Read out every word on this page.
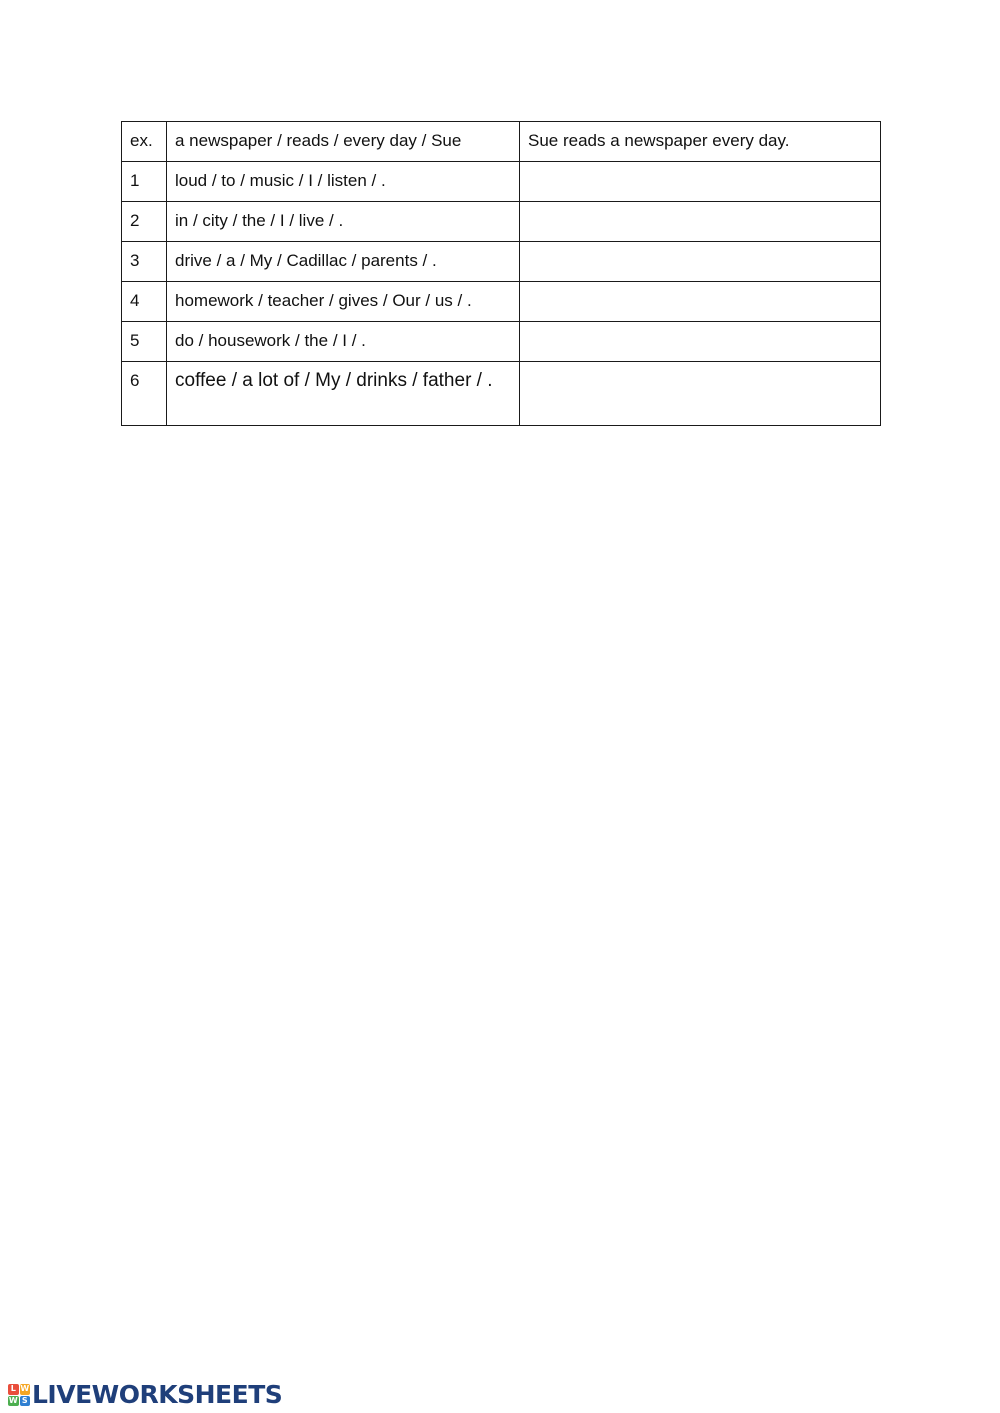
ex.	a newspaper / reads / every day / Sue	Sue reads a newspaper every day.
1	loud / to / music / I / listen / .	

2	in / city / the / I / live / .	

3	drive / a / My / Cadillac / parents / .	

4	homework / teacher / gives / Our / us / .	

5	do / housework / the / I / .	

6	coffee / a lot of / My / drinks / father / .	
L W
W S LIVEWORKSHEETS
